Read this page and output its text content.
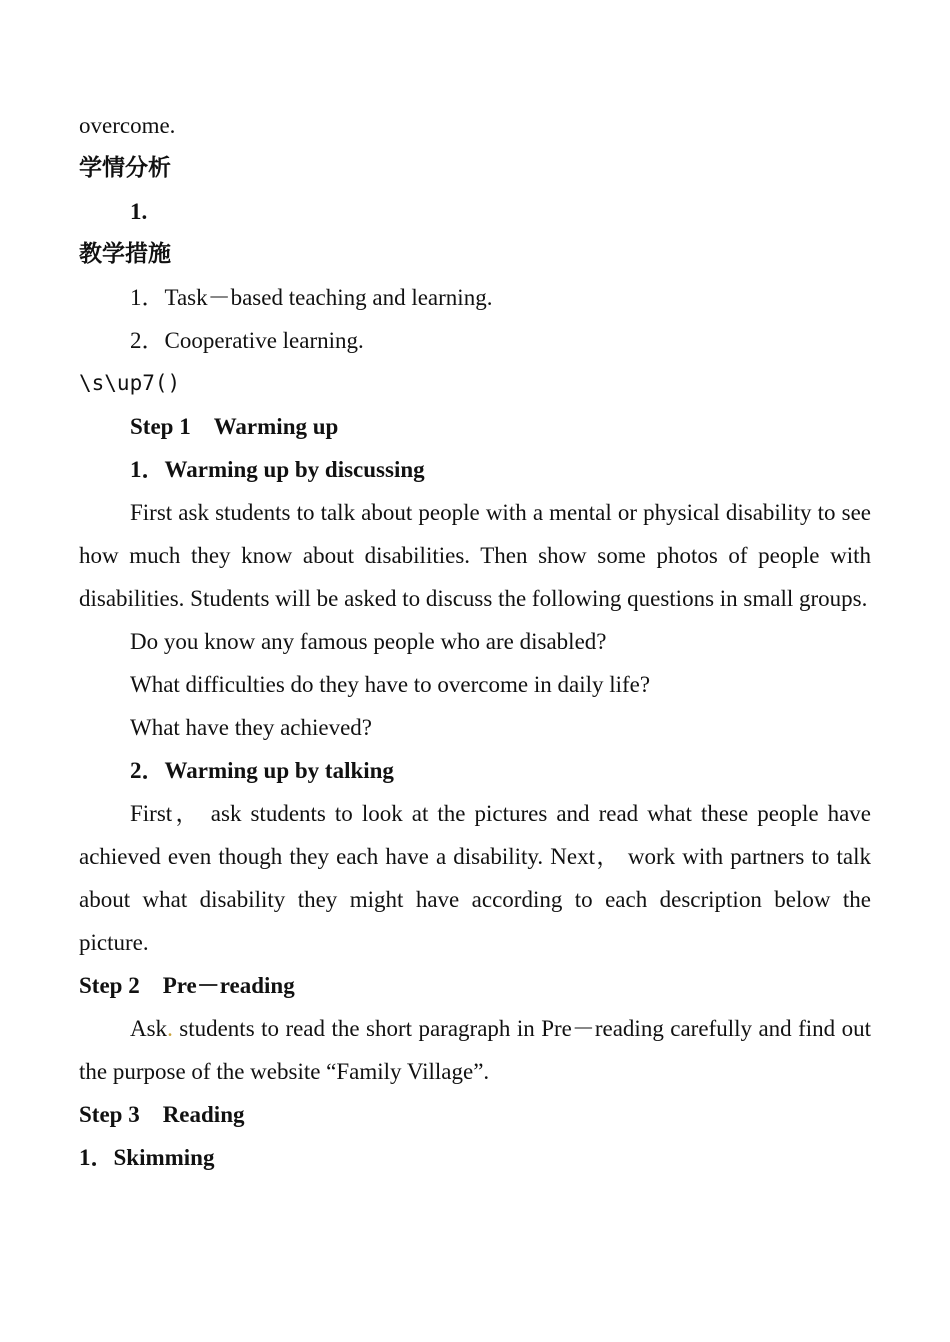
overcome.
学情分析
1.
教学措施
1．Task－based teaching and learning.
2．Cooperative learning.
\s\up7()
Step 1　Warming up
1．Warming up by discussing
First ask students to talk about people with a mental or physical disability to see how much they know about disabilities. Then show some photos of people with disabilities. Students will be asked to discuss the following questions in small groups.
Do you know any famous people who are disabled?
What difficulties do they have to overcome in daily life?
What have they achieved?
2．Warming up by talking
First， ask students to look at the pictures and read what these people have achieved even though they each have a disability. Next， work with partners to talk about what disability they might have according to each description below the picture.
Step 2　Pre－reading
Ask. students to read the short paragraph in Pre－reading carefully and find out the purpose of the website “Family Village”.
Step 3　Reading
1．Skimming
